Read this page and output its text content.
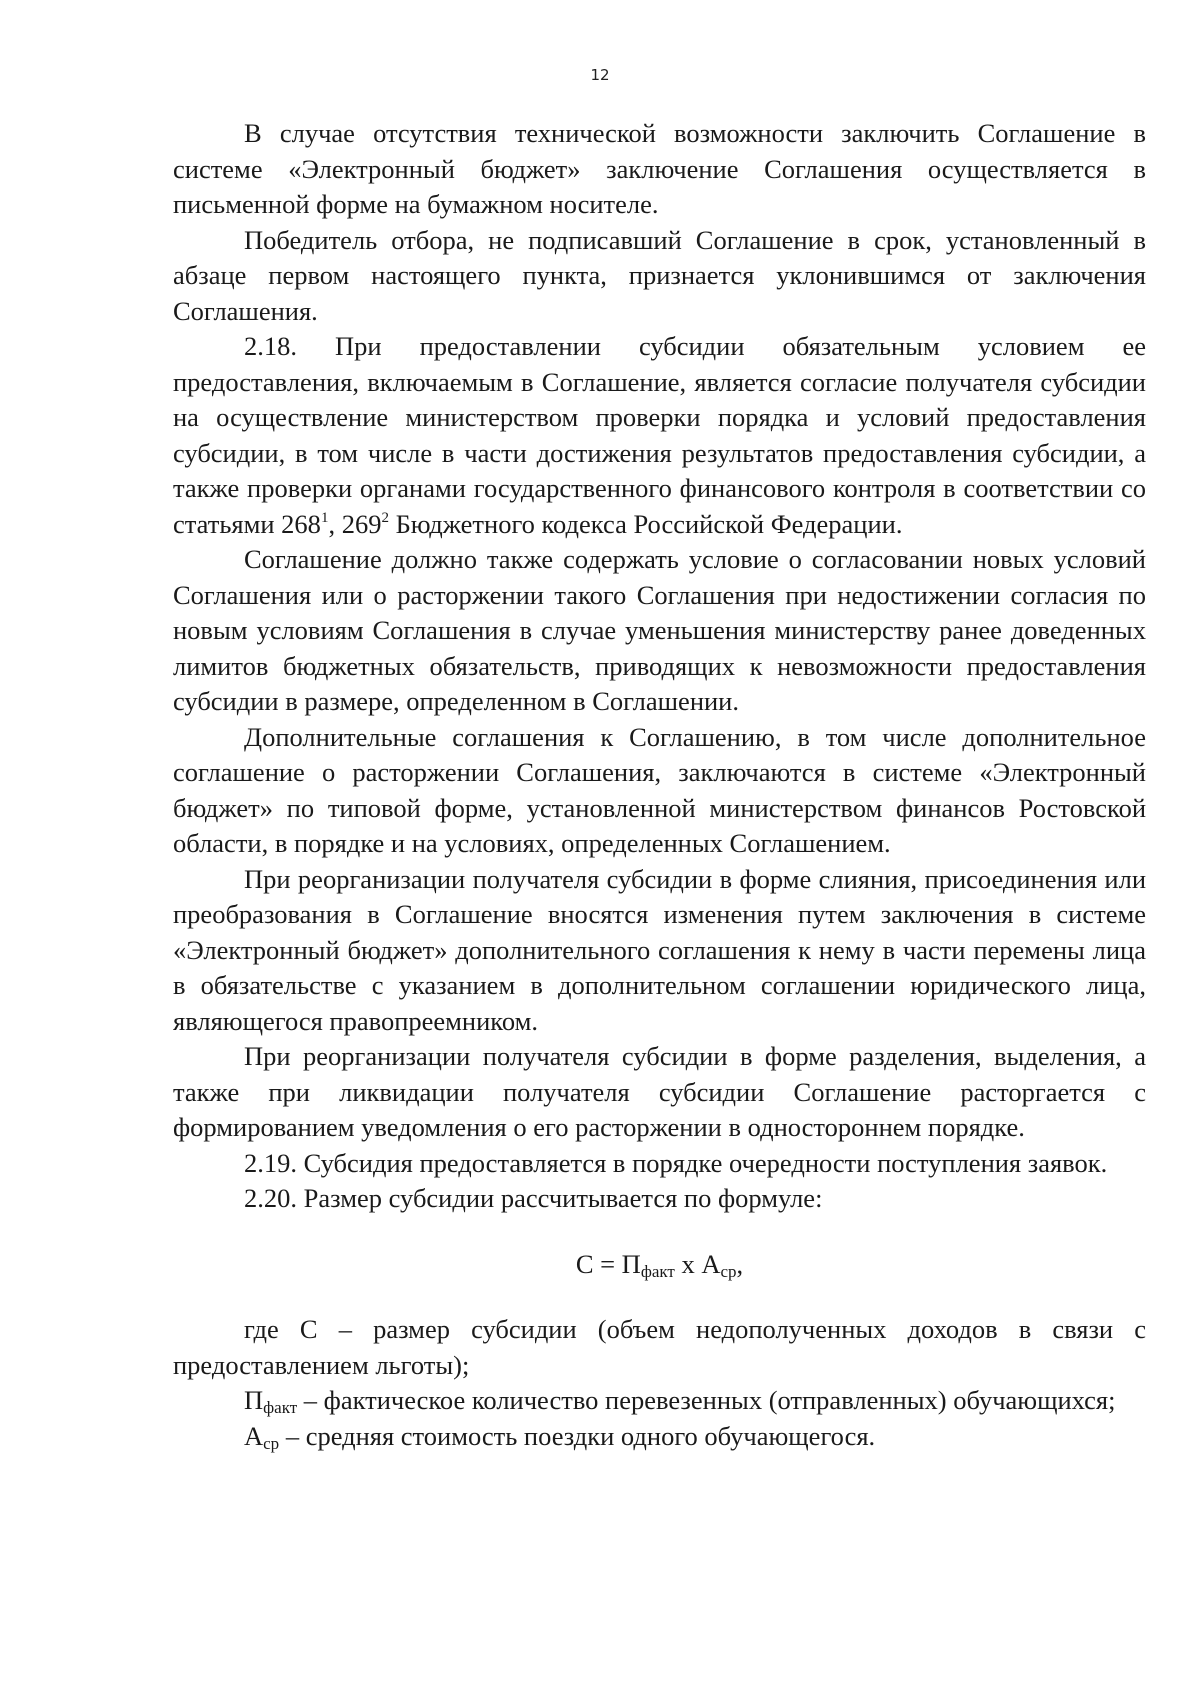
12

В случае отсутствия технической возможности заключить Соглашение в системе «Электронный бюджет» заключение Соглашения осуществляется в письменной форме на бумажном носителе.

Победитель отбора, не подписавший Соглашение в срок, установленный в абзаце первом настоящего пункта, признается уклонившимся от заключения Соглашения.

2.18. При предоставлении субсидии обязательным условием ее предоставления, включаемым в Соглашение, является согласие получателя субсидии на осуществление министерством проверки порядка и условий предоставления субсидии, в том числе в части достижения результатов предоставления субсидии, а также проверки органами государственного финансового контроля в соответствии со статьями $268^1$, $269^2$ Бюджетного кодекса Российской Федерации.

Соглашение должно также содержать условие о согласовании новых условий Соглашения или о расторжении такого Соглашения при недостижении согласия по новым условиям Соглашения в случае уменьшения министерству ранее доведенных лимитов бюджетных обязательств, приводящих к невозможности предоставления субсидии в размере, определенном в Соглашении.

Дополнительные соглашения к Соглашению, в том числе дополнительное соглашение о расторжении Соглашения, заключаются в системе «Электронный бюджет» по типовой форме, установленной министерством финансов Ростовской области, в порядке и на условиях, определенных Соглашением.

При реорганизации получателя субсидии в форме слияния, присоединения или преобразования в Соглашение вносятся изменения путем заключения в системе «Электронный бюджет» дополнительного соглашения к нему в части перемены лица в обязательстве с указанием в дополнительном соглашении юридического лица, являющегося правопреемником.

При реорганизации получателя субсидии в форме разделения, выделения, а также при ликвидации получателя субсидии Соглашение расторгается с формированием уведомления о его расторжении в одностороннем порядке.

2.19. Субсидия предоставляется в порядке очередности поступления заявок.

2.20. Размер субсидии рассчитывается по формуле:

$С = П_{факт}$ х $А_{ср}$,

где С – размер субсидии (объем недополученных доходов в связи с предоставлением льготы);

$П_{факт}$ – фактическое количество перевезенных (отправленных) обучающихся;

$А_{ср}$ – средняя стоимость поездки одного обучающегося.
